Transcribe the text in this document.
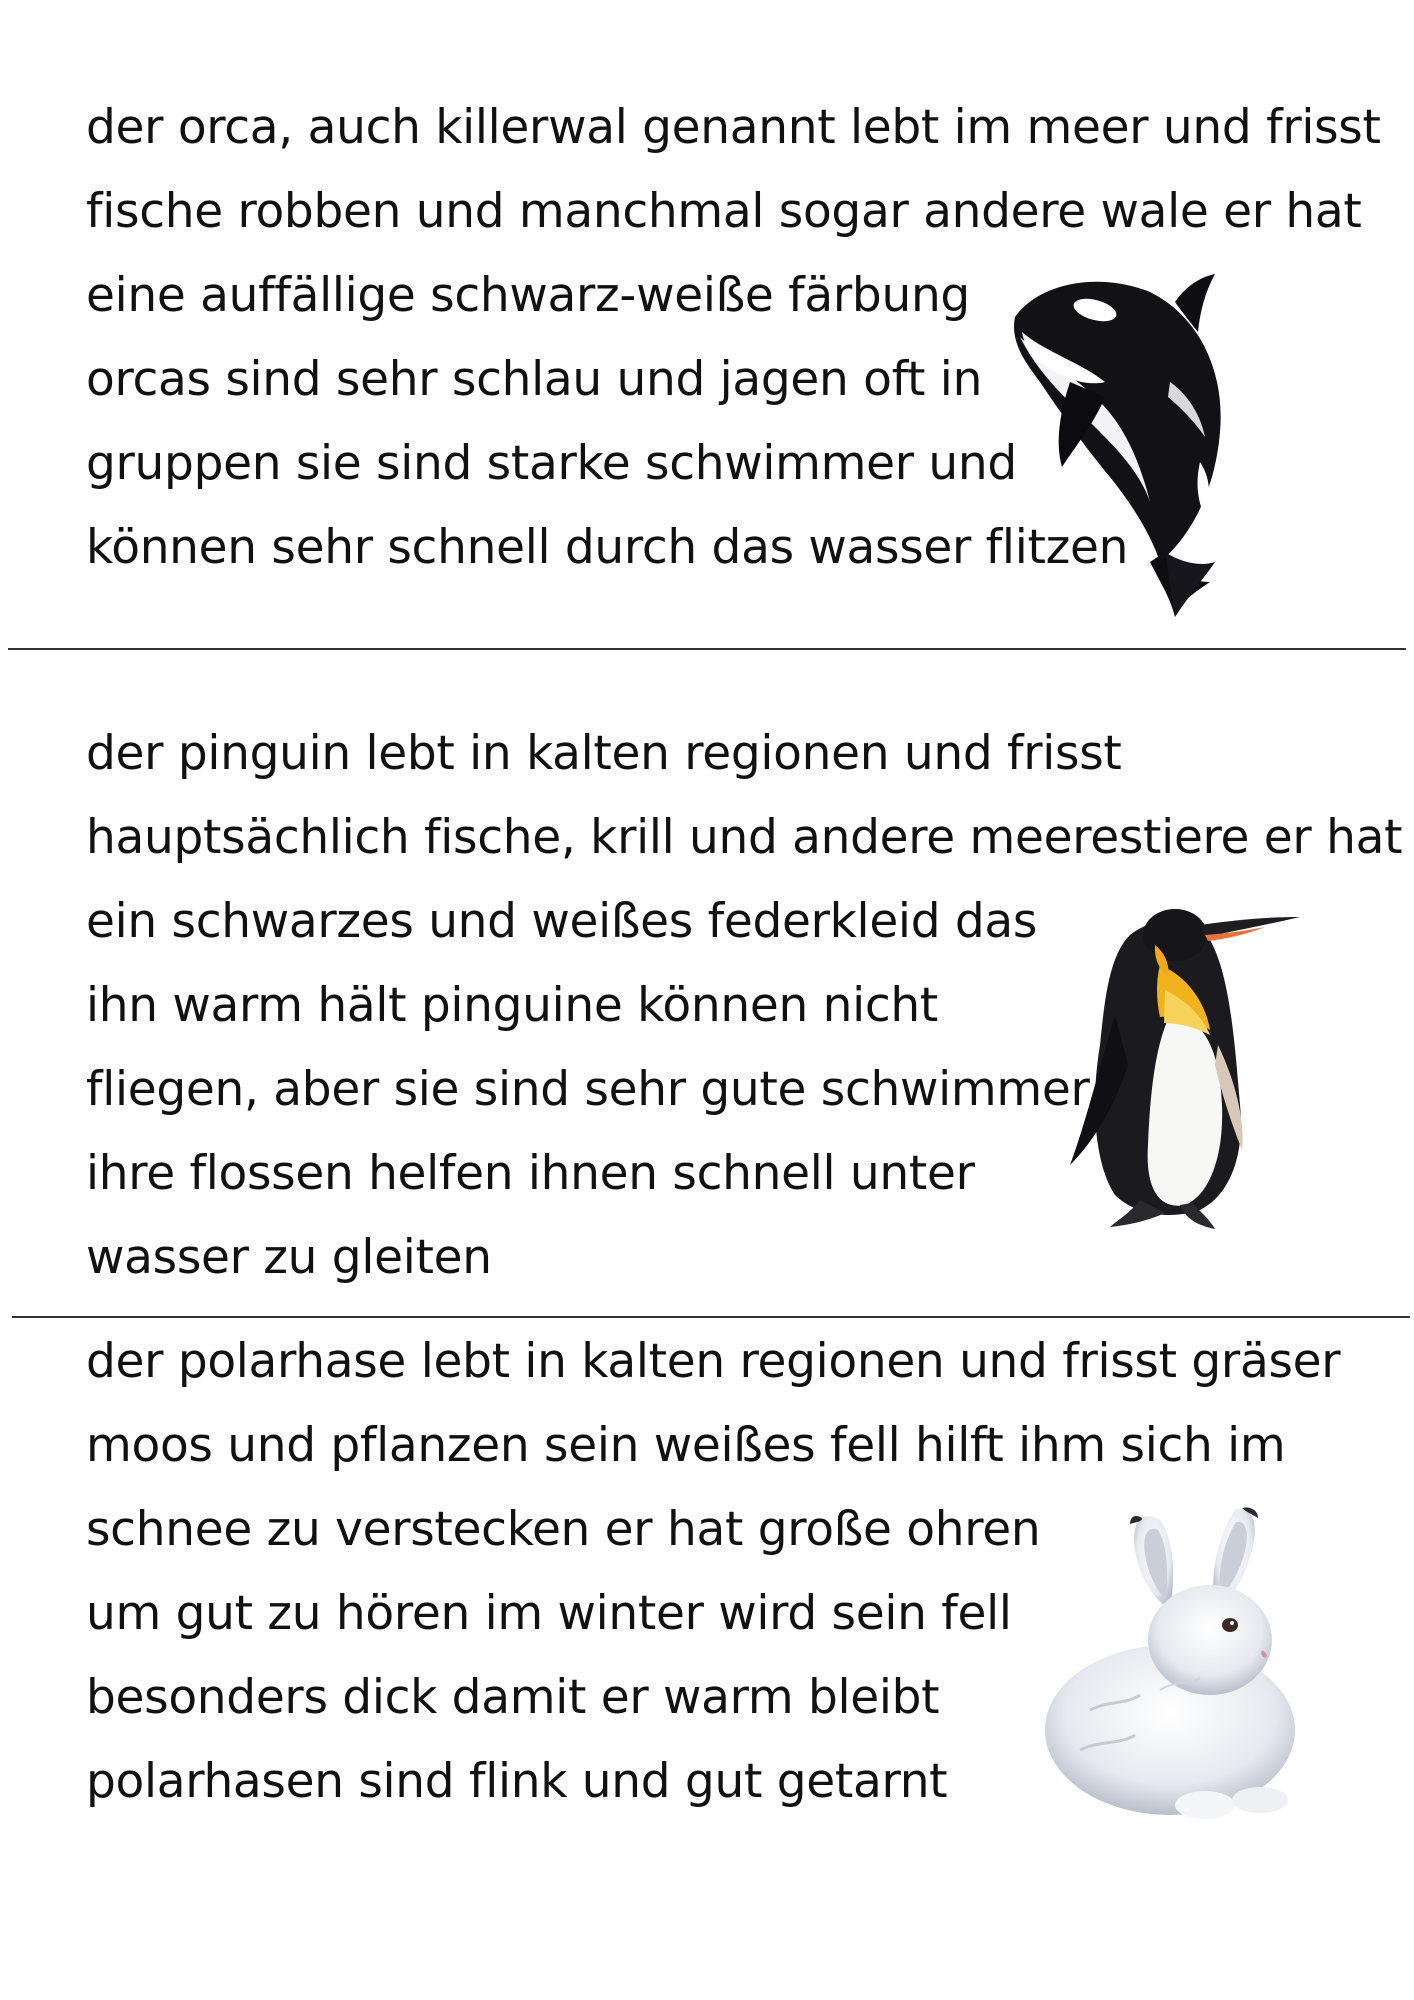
der orca, auch killerwal genannt lebt im meer und frisst
fische robben und manchmal sogar andere wale er hat
eine auffällige schwarz-weiße färbung
orcas sind sehr schlau und jagen oft in
gruppen sie sind starke schwimmer und
können sehr schnell durch das wasser flitzen
der pinguin lebt in kalten regionen und frisst
hauptsächlich fische, krill und andere meerestiere er hat
ein schwarzes und weißes federkleid das
ihn warm hält pinguine können nicht
fliegen, aber sie sind sehr gute schwimmer
ihre flossen helfen ihnen schnell unter
wasser zu gleiten
der polarhase lebt in kalten regionen und frisst gräser
moos und pflanzen sein weißes fell hilft ihm sich im
schnee zu verstecken er hat große ohren
um gut zu hören im winter wird sein fell
besonders dick damit er warm bleibt
polarhasen sind flink und gut getarnt
